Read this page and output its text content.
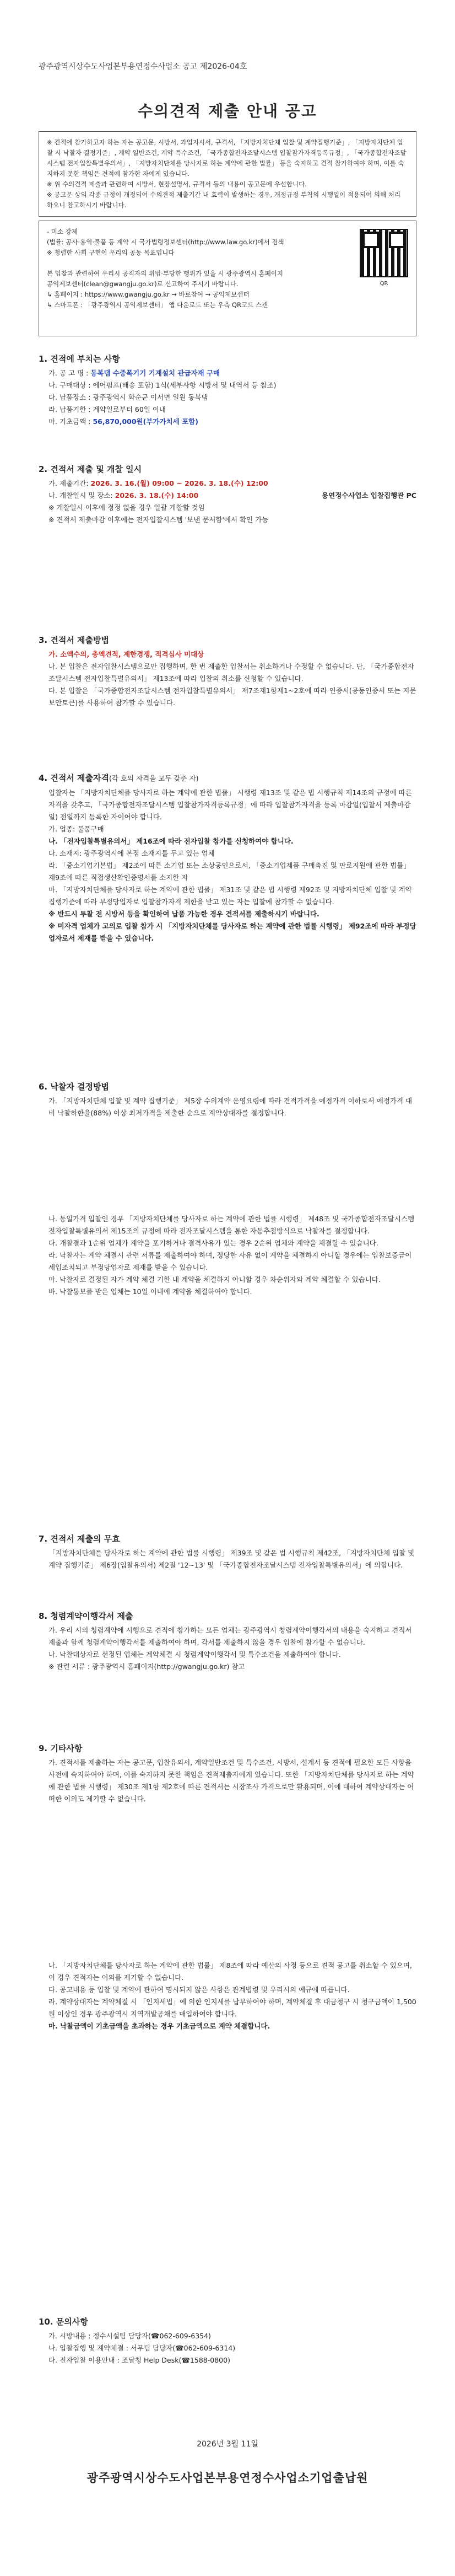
광주광역시상수도사업본부용연정수사업소 공고 제2026-04호
수의견적 제출 안내 공고

※ 견적에 참가하고자 하는 자는 공고문, 시방서, 과업지시서, 규격서, 「지방자치단체 입찰 및 계약집행기준」, 「지방자치단체 입찰 시 낙찰자 결정기준」, 계약 일반조건, 계약 특수조건, 「국가종합전자조달시스템 입찰참가자격등록규정」, 「국가종합전자조달시스템 전자입찰특별유의서」, 「지방자치단체를 당사자로 하는 계약에 관한 법률」 등을 숙지하고 견적 참가하여야 하며, 이를 숙지하지 못한 책임은 견적에 참가한 자에게 있습니다.

※ 위 수의견적 제출과 관련하여 시방서, 현장설명서, 규격서 등의 내용이 공고문에 우선합니다.

※ 공고문 상의 각종 규정이 개정되어 수의견적 제출기간 내 효력이 발생하는 경우, 개정규정 부칙의 시행일이 적용되어 의해 처리 하오니 참고하시기 바랍니다.

- 미소 강제

(법률: 공사·용역·물품 등 계약 시 국가법령정보센터(http://www.law.go.kr)에서 검색

※ 청렴한 사회 구현이 우리의 공동 목표입니다

본 입찰과 관련하여 우리시 공직자의 위법·부당한 행위가 있을 시 광주광역시 홈페이지

공익제보센터(clean@gwangju.go.kr)로 신고하여 주시기 바랍니다.

↳ 홈페이지 : https://www.gwangju.go.kr → 바로참여 → 공익제보센터

↳ 스마트폰 : 「광주광역시 공익제보센터」 앱 다운로드 또는 우측 QR코드 스캔

QR
1. 견적에 부치는 사항

가. 공 고 명 : 동복댐 수중폭기기 기계설치 관급자재 구매

나. 구매대상 : 에어펌프(배송 포함) 1식(세부사항 시방서 및 내역서 등 참조)

다. 납품장소 : 광주광역시 화순군 이서면 일원 동복댐

라. 납품기한 : 계약일로부터 60일 이내

마. 기초금액 : 56,870,000원(부가가치세 포함)

2. 견적서 제출 및 개찰 일시

가. 제출기간: 2026. 3. 16.(월) 09:00 ~ 2026. 3. 18.(수) 12:00

나. 개찰일시 및 장소: 2026. 3. 18.(수) 14:00	용연정수사업소 입찰집행관 PC

※ 개찰일시 이후에 정정 없을 경우 일괄 개찰할 것임

※ 견적서 제출마감 이후에는 전자입찰시스템 '보낸 문서함'에서 확인 가능

3. 견적서 제출방법

가. 소액수의, 총액견적, 제한경쟁, 적격심사 미대상

나. 본 입찰은 전자입찰시스템으로만 집행하며, 한 번 제출한 입찰서는 취소하거나 수정할 수 없습니다. 단, 「국가종합전자조달시스템 전자입찰특별유의서」 제13조에 따라 입찰의 취소를 신청할 수 있습니다.

다. 본 입찰은 「국가종합전자조달시스템 전자입찰특별유의서」 제7조제1항제1~2호에 따라 인증서(공동인증서 또는 지문보안토큰)를 사용하여 참가할 수 있습니다.

4. 견적서 제출자격(각 호의 자격을 모두 갖춘 자)

입찰자는 「지방자치단체를 당사자로 하는 계약에 관한 법률」 시행령 제13조 및 같은 법 시행규칙 제14조의 규정에 따른 자격을 갖추고, 「국가종합전자조달시스템 입찰참가자격등록규정」에 따라 입찰참가자격을 등록 마감일(입찰서 제출마감일) 전일까지 등록한 자이어야 합니다.

가. 업종: 물품구매

나. 「전자입찰특별유의서」 제16조에 따라 전자입찰 참가를 신청하여야 합니다.

다. 소재지: 광주광역시에 본점 소재지를 두고 있는 업체

라. 「중소기업기본법」 제2조에 따른 소기업 또는 소상공인으로서, 「중소기업제품 구매촉진 및 판로지원에 관한 법률」 제9조에 따른 직접생산확인증명서를 소지한 자

마. 「지방자치단체를 당사자로 하는 계약에 관한 법률」 제31조 및 같은 법 시행령 제92조 및 지방자치단체 입찰 및 계약 집행기준에 따라 부정당업자로 입찰참가자격 제한을 받고 있는 자는 입찰에 참가할 수 없습니다.

※ 반드시 투찰 전 시방서 등을 확인하여 납품 가능한 경우 견적서를 제출하시기 바랍니다.

※ 미자격 업체가 고의로 입찰 참가 시 「지방자치단체를 당사자로 하는 계약에 관한 법률 시행령」 제92조에 따라 부정당업자로서 제재를 받을 수 있습니다.

6. 낙찰자 결정방법

가. 「지방자치단체 입찰 및 계약 집행기준」 제5장 수의계약 운영요령에 따라 견적가격을 예정가격 이하로서 예정가격 대비 낙찰하한율(88%) 이상 최저가격을 제출한 순으로 계약상대자를 결정합니다.

나. 동일가격 입찰인 경우 「지방자치단체를 당사자로 하는 계약에 관한 법률 시행령」 제48조 및 국가종합전자조달시스템 전자입찰특별유의서 제15조의 규정에 따라 전자조달시스템을 통한 자동추첨방식으로 낙찰자를 결정합니다.

다. 개찰결과 1순위 업체가 계약을 포기하거나 결격사유가 있는 경우 2순위 업체와 계약을 체결할 수 있습니다.

라. 낙찰자는 계약 체결시 관련 서류를 제출하여야 하며, 정당한 사유 없이 계약을 체결하지 아니할 경우에는 입찰보증금이 세입조치되고 부정당업자로 제재를 받을 수 있습니다.

마. 낙찰자로 결정된 자가 계약 체결 기한 내 계약을 체결하지 아니할 경우 차순위자와 계약 체결할 수 있습니다.

바. 낙찰통보를 받은 업체는 10일 이내에 계약을 체결하여야 합니다.

7. 견적서 제출의 무효

「지방자치단체를 당사자로 하는 계약에 관한 법률 시행령」 제39조 및 같은 법 시행규칙 제42조, 「지방자치단체 입찰 및 계약 집행기준」 제6장(입찰유의서) 제2절 '12~13' 및 「국가종합전자조달시스템 전자입찰특별유의서」에 의합니다.

8. 청렴계약이행각서 제출

가. 우리 시의 청렴계약에 시행으로 견적에 참가하는 모든 업체는 광주광역시 청렴계약이행각서의 내용을 숙지하고 견적서 제출과 함께 청렴계약이행각서를 제출하여야 하며, 각서를 제출하지 않을 경우 입찰에 참가할 수 없습니다.

나. 낙찰대상자로 선정된 업체는 계약체결 시 청렴계약이행각서 및 특수조건을 제출하여야 합니다.

※ 관련 서류 : 광주광역시 홈페이지(http://gwangju.go.kr) 참고

9. 기타사항

가. 견적서를 제출하는 자는 공고문, 입찰유의서, 계약일반조건 및 특수조건, 시방서, 설계서 등 견적에 필요한 모든 사항을 사전에 숙지하여야 하며, 이를 숙지하지 못한 책임은 견적제출자에게 있습니다. 또한 「지방자치단체를 당사자로 하는 계약에 관한 법률 시행령」 제30조 제1항 제2호에 따른 견적서는 시장조사 가격으로만 활용되며, 이에 대하여 계약상대자는 어떠한 이의도 제기할 수 없습니다.

나. 「지방자치단체를 당사자로 하는 계약에 관한 법률」 제8조에 따라 예산의 사정 등으로 견적 공고를 취소할 수 있으며, 이 경우 견적자는 이의를 제기할 수 없습니다.

다. 공고내용 등 입찰 및 계약에 관하여 명시되지 않은 사항은 관계법령 및 우리시의 예규에 따릅니다.

라. 계약상대자는 계약체결 시 「인지세법」에 의한 인지세를 납부하여야 하며, 계약체결 후 대금청구 시 청구금액이 1,500원 이상인 경우 광주광역시 지역개발공채를 매입하여야 합니다.

마. 낙찰금액이 기초금액을 초과하는 경우 기초금액으로 계약 체결합니다.

10. 문의사항

가. 시방내용 : 정수시설팀 담당자(☎062-609-6354)

나. 입찰집행 및 계약체결 : 서무팀 담당자(☎062-609-6314)

다. 전자입찰 이용안내 : 조달청 Help Desk(☎1588-0800)

2026년 3월 11일
광주광역시상수도사업본부용연정수사업소기업출납원
